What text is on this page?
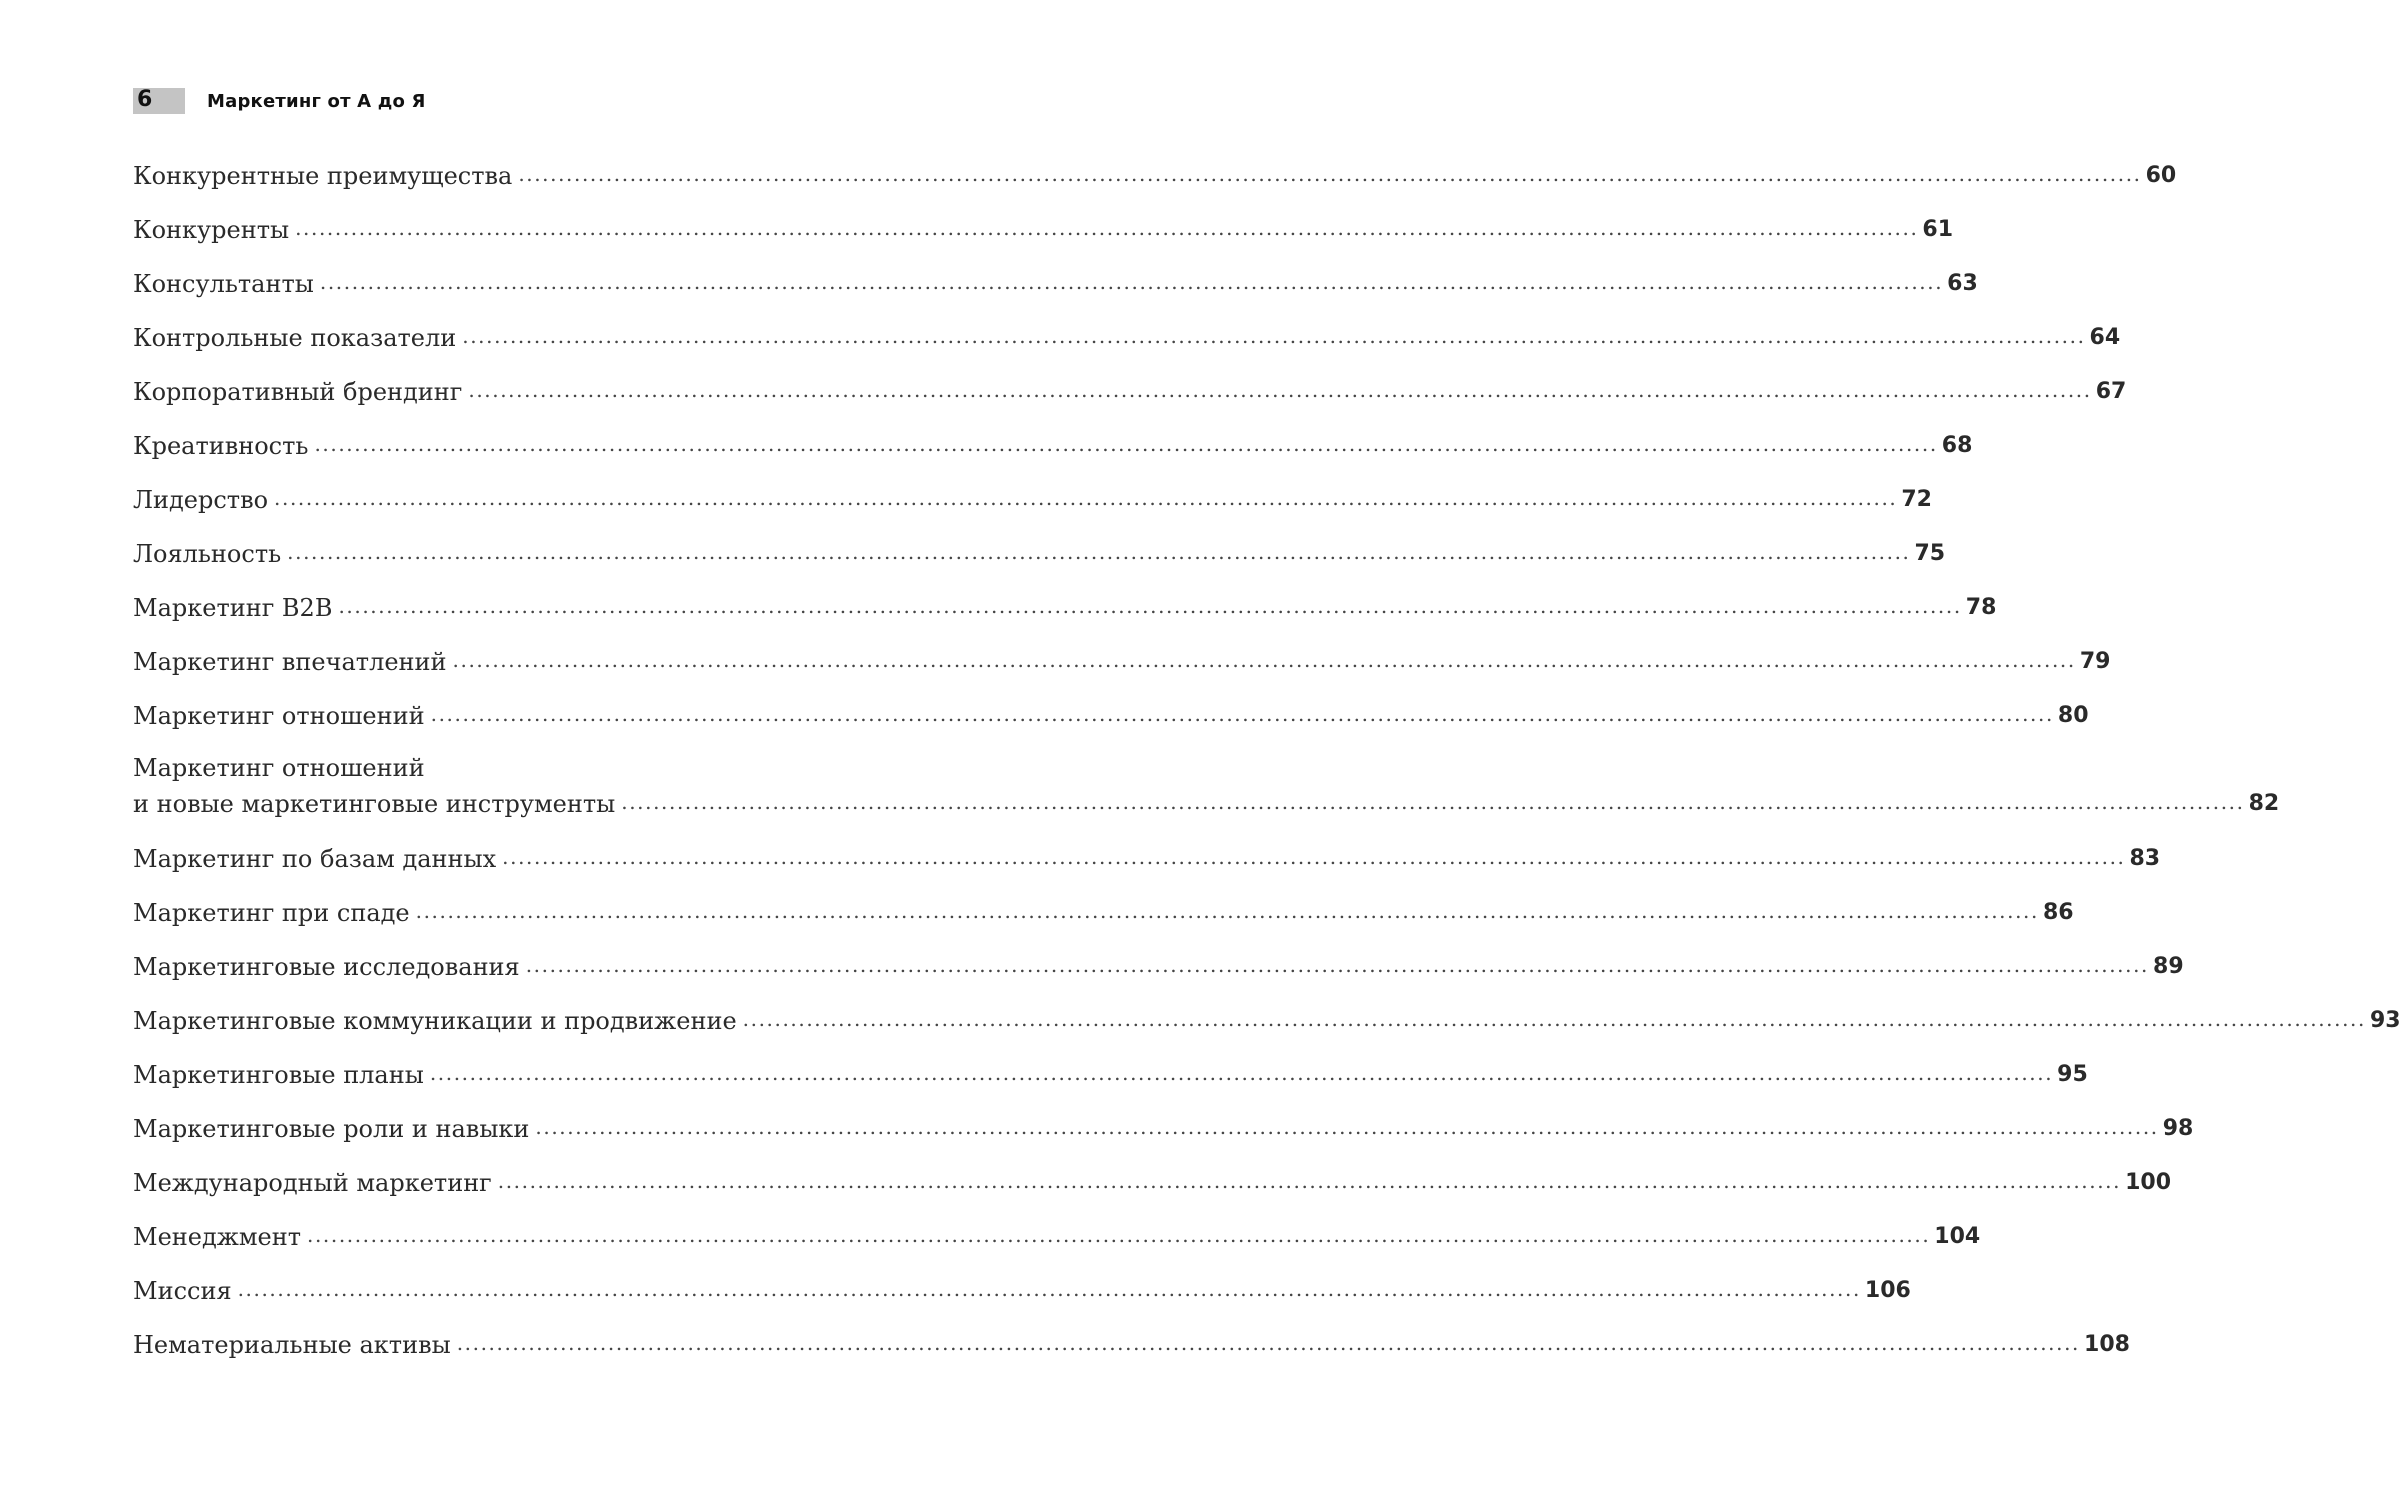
6	Маркетинг от А до Я
Конкурентные преимущества ............................................................................................................................................................................................................ 60
Конкуренты ............................................................................................................................................................................................................ 61
Консультанты ............................................................................................................................................................................................................ 63
Контрольные показатели ............................................................................................................................................................................................................ 64
Корпоративный брендинг ............................................................................................................................................................................................................ 67
Креативность ............................................................................................................................................................................................................ 68
Лидерство ............................................................................................................................................................................................................ 72
Лояльность ............................................................................................................................................................................................................ 75
Маркетинг В2В ............................................................................................................................................................................................................ 78
Маркетинг впечатлений ............................................................................................................................................................................................................ 79
Маркетинг отношений ............................................................................................................................................................................................................ 80
Маркетинг отношений
и новые маркетинговые инструменты ............................................................................................................................................................................................................ 82
Маркетинг по базам данных ............................................................................................................................................................................................................ 83
Маркетинг при спаде ............................................................................................................................................................................................................ 86
Маркетинговые исследования ............................................................................................................................................................................................................ 89
Маркетинговые коммуникации и продвижение ............................................................................................................................................................................................................ 93
Маркетинговые планы ............................................................................................................................................................................................................ 95
Маркетинговые роли и навыки ............................................................................................................................................................................................................ 98
Международный маркетинг ............................................................................................................................................................................................................ 100
Менеджмент ............................................................................................................................................................................................................ 104
Миссия ............................................................................................................................................................................................................ 106
Нематериальные активы ............................................................................................................................................................................................................ 108
